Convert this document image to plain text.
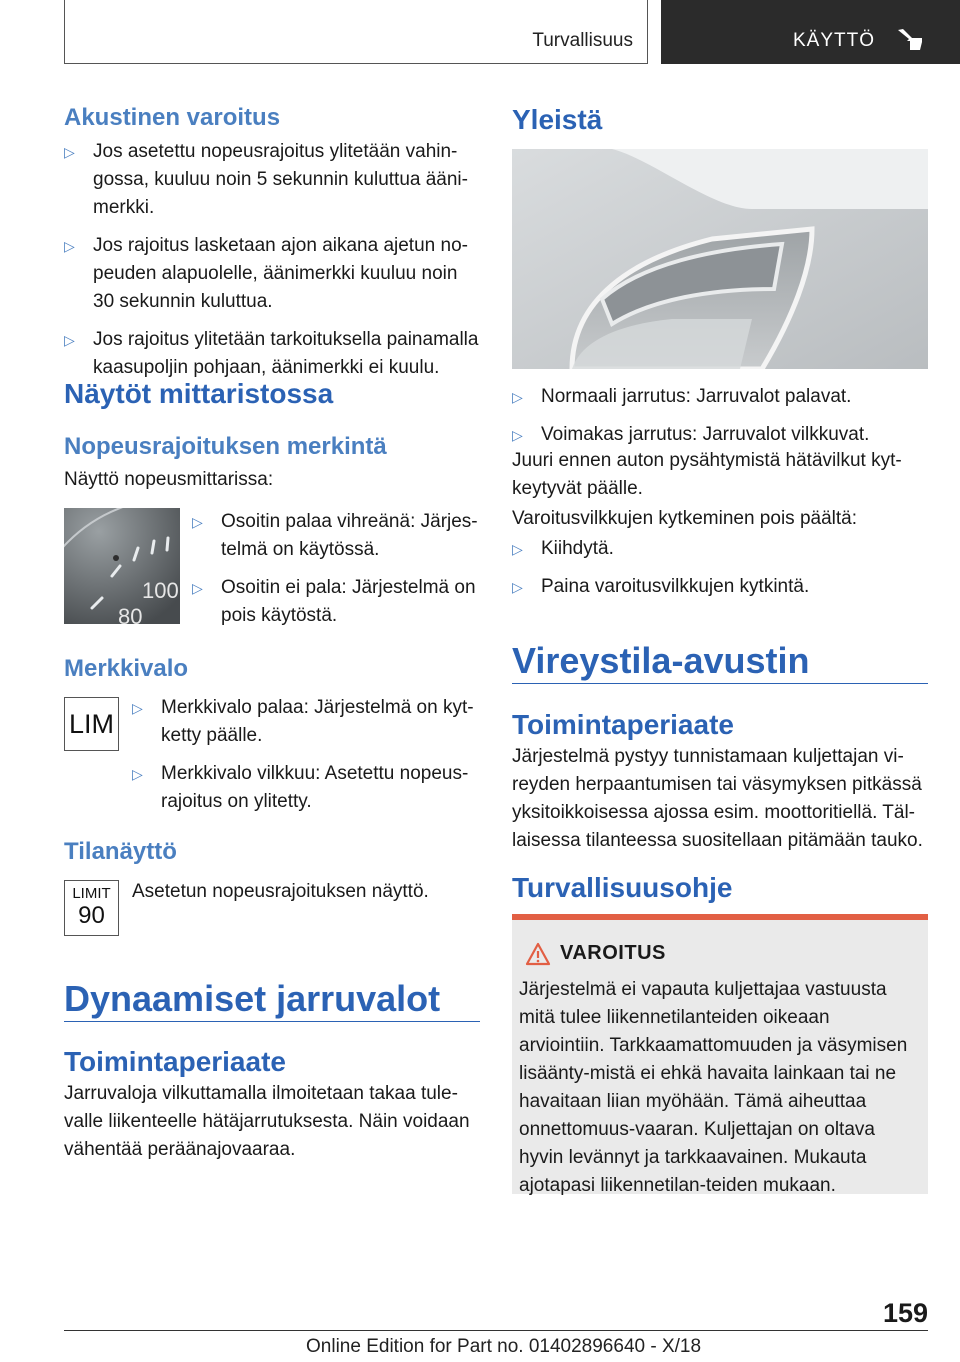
Turvallisuus	KÄYTTÖ
Akustinen varoitus
▷ Jos asetettu nopeusrajoitus ylitetään vahin-gossa, kuuluu noin 5 sekunnin kuluttua ääni-merkki.
▷ Jos rajoitus lasketaan ajon aikana ajetun no-peuden alapuolelle, äänimerkki kuuluu noin 30 sekunnin kuluttua.
▷ Jos rajoitus ylitetään tarkoituksella painamalla kaasupoljin pohjaan, äänimerkki ei kuulu.
Näytöt mittaristossa
Nopeusrajoituksen merkintä

Näyttö nopeusmittarissa:

100
80
▷ Osoitin palaa vihreänä: Järjes-telmä on käytössä.
▷ Osoitin ei pala: Järjestelmä on pois käytöstä.
Merkkivalo
LIM
▷ Merkkivalo palaa: Järjestelmä on kyt-ketty päälle.
▷ Merkkivalo vilkkuu: Asetettu nopeus-rajoitus on ylitetty.
Tilanäyttö
LIMIT
90

Asetetun nopeusrajoituksen näyttö.

Dynaamiset jarruvalot
Toimintaperiaate

Jarruvaloja vilkuttamalla ilmoitetaan takaa tule-valle liikenteelle hätäjarrutuksesta. Näin voidaan vähentää peräänajovaaraa.

Yleistä
▷ Normaali jarrutus: Jarruvalot palavat.
▷ Voimakas jarrutus: Jarruvalot vilkkuvat.

Juuri ennen auton pysähtymistä hätävilkut kyt-keytyvät päälle.

Varoitusvilkkujen kytkeminen pois päältä:

▷ Kiihdytä.
▷ Paina varoitusvilkkujen kytkintä.
Vireystila-avustin
Toimintaperiaate

Järjestelmä pystyy tunnistamaan kuljettajan vi-reyden herpaantumisen tai väsymyksen pitkässä yksitoikkoisessa ajossa esim. moottoritiellä. Täl-laisessa tilanteessa suositellaan pitämään tauko.

Turvallisuusohje
VAROITUS
Järjestelmä ei vapauta kuljettajaa vastuusta mitä tulee liikennetilanteiden oikeaan arviointiin. Tarkkaamattomuuden ja väsymisen lisäänty-mistä ei ehkä havaita lainkaan tai ne havaitaan liian myöhään. Tämä aiheuttaa onnettomuus-vaaran. Kuljettajan on oltava hyvin levännyt ja tarkkaavainen. Mukauta ajotapasi liikennetilan-teiden mukaan.
159
Online Edition for Part no. 01402896640 - X/18
